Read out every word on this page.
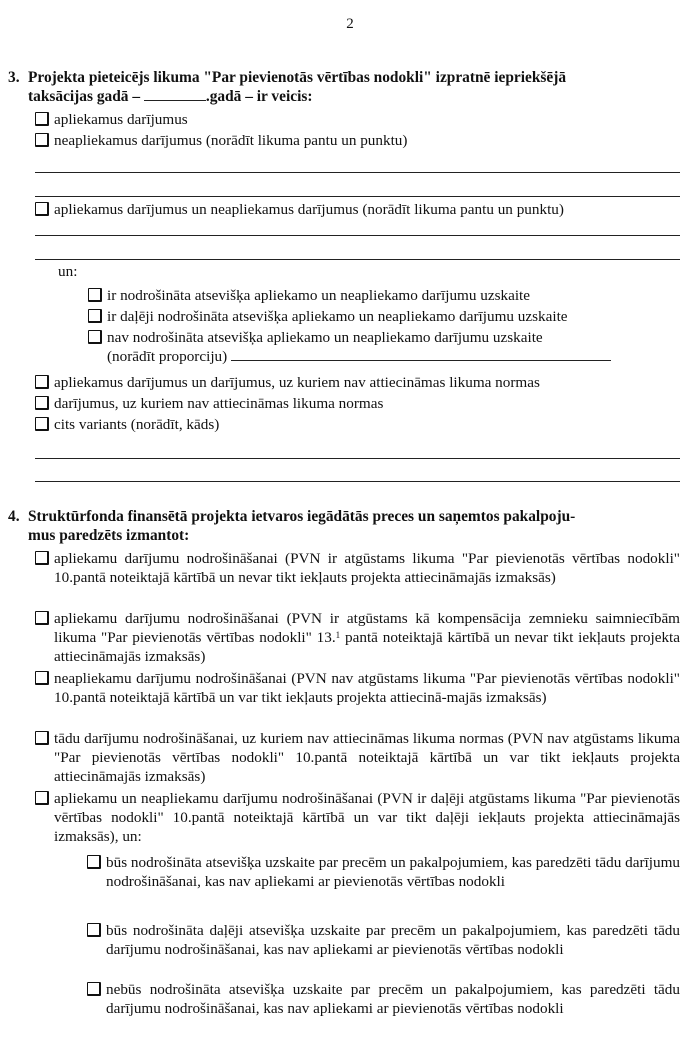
2
3. Projekta pieteicējs likuma "Par pievienotās vērtības nodokli" izpratnē iepriekšējā
taksācijas gadā –	.gadā – ir veicis:
apliekamus darījumus
neapliekamus darījumus (norādīt likuma pantu un punktu)
apliekamus darījumus un neapliekamus darījumus (norādīt likuma pantu un punktu)
un:
ir nodrošināta atsevišķa apliekamo un neapliekamo darījumu uzskaite
ir daļēji nodrošināta atsevišķa apliekamo un neapliekamo darījumu uzskaite
nav nodrošināta atsevišķa apliekamo un neapliekamo darījumu uzskaite
(norādīt proporciju)
apliekamus darījumus un darījumus, uz kuriem nav attiecināmas likuma normas
darījumus, uz kuriem nav attiecināmas likuma normas
cits variants (norādīt, kāds)
4. Struktūrfonda finansētā projekta ietvaros iegādātās preces un saņemtos pakalpoju-
mus paredzēts izmantot:
apliekamu darījumu nodrošināšanai (PVN ir atgūstams likuma "Par pievienotās vērtības nodokli" 10.pantā noteiktajā kārtībā un nevar tikt iekļauts projekta attiecināmajās izmaksās)
apliekamu darījumu nodrošināšanai (PVN ir atgūstams kā kompensācija zemnieku saimniecībām likuma "Par pievienotās vērtības nodokli" 13.$^1$ pantā noteiktajā kārtībā un nevar tikt iekļauts projekta attiecināmajās izmaksās)
neapliekamu darījumu nodrošināšanai (PVN nav atgūstams likuma "Par pievienotās vērtības nodokli" 10.pantā noteiktajā kārtībā un var tikt iekļauts projekta attiecinā-majās izmaksās)
tādu darījumu nodrošināšanai, uz kuriem nav attiecināmas likuma normas (PVN nav atgūstams likuma "Par pievienotās vērtības nodokli" 10.pantā noteiktajā kārtībā un var tikt iekļauts projekta attiecināmajās izmaksās)
apliekamu un neapliekamu darījumu nodrošināšanai (PVN ir daļēji atgūstams likuma "Par pievienotās vērtības nodokli" 10.pantā noteiktajā kārtībā un var tikt daļēji iekļauts projekta attiecināmajās izmaksās), un:
būs nodrošināta atsevišķa uzskaite par precēm un pakalpojumiem, kas paredzēti tādu darījumu nodrošināšanai, kas nav apliekami ar pievienotās vērtības nodokli
būs nodrošināta daļēji atsevišķa uzskaite par precēm un pakalpojumiem, kas paredzēti tādu darījumu nodrošināšanai, kas nav apliekami ar pievienotās vērtības nodokli
nebūs nodrošināta atsevišķa uzskaite par precēm un pakalpojumiem, kas paredzēti tādu darījumu nodrošināšanai, kas nav apliekami ar pievienotās vērtības nodokli
